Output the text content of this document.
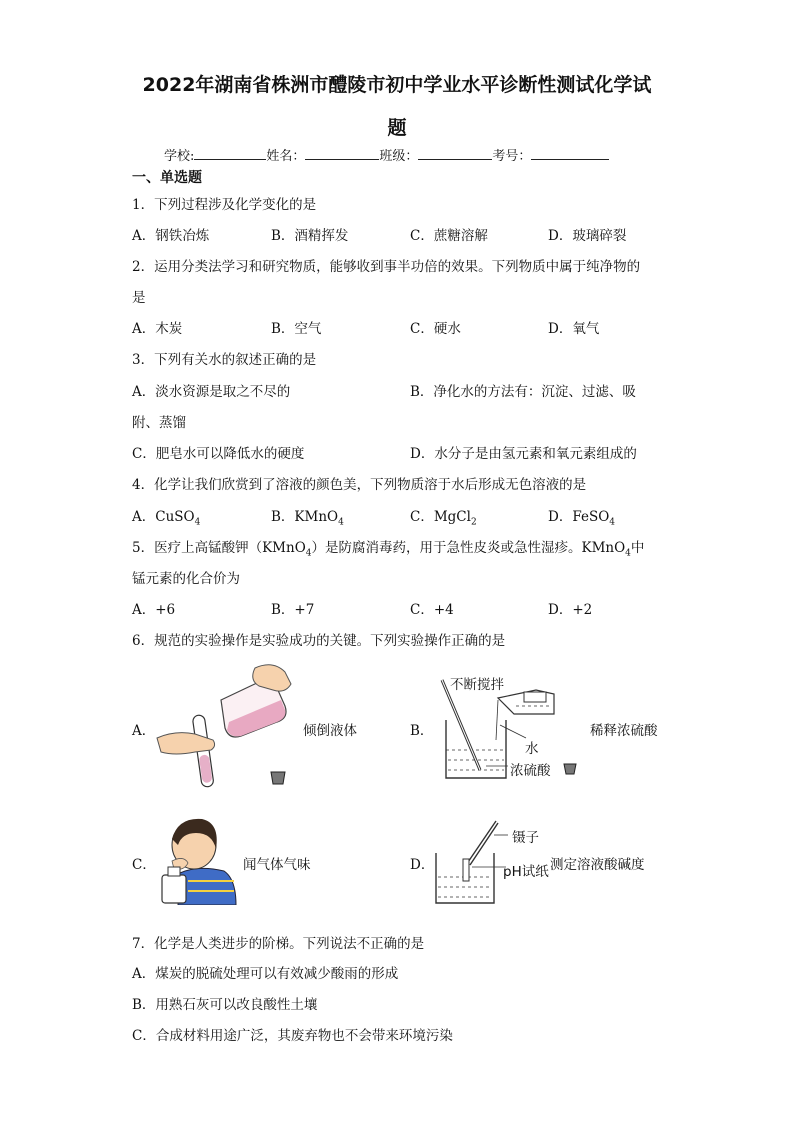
2022年湖南省株洲市醴陵市初中学业水平诊断性测试化学试
题
学校:	姓名：	班级：	考号：
一、单选题
1．下列过程涉及化学变化的是
A．钢铁冶炼	B．酒精挥发	C．蔗糖溶解	D．玻璃碎裂
2．运用分类法学习和研究物质，能够收到事半功倍的效果。下列物质中属于纯净物的
是
A．木炭	B．空气	C．硬水	D．氧气
3．下列有关水的叙述正确的是
A．淡水资源是取之不尽的	B．净化水的方法有：沉淀、过滤、吸
附、蒸馏
C．肥皂水可以降低水的硬度	D．水分子是由氢元素和氧元素组成的
4．化学让我们欣赏到了溶液的颜色美，下列物质溶于水后形成无色溶液的是
A．CuSO$_4$	B．KMnO$_4$	C．MgCl$_2$	D．FeSO$_4$
5．医疗上高锰酸钾（KMnO$_4$）是防腐消毒药，用于急性皮炎或急性湿疹。KMnO$_4$中
锰元素的化合价为
A．+6	B．+7	C．+4	D．+2
6．规范的实验操作是实验成功的关键。下列实验操作正确的是
A．	倾倒液体	B．
不断搅拌
水
浓硫酸
稀释浓硫酸
C．	闻气体气味	D．
镊子
pH试纸 测定溶液酸碱度
7．化学是人类进步的阶梯。下列说法不正确的是
A．煤炭的脱硫处理可以有效减少酸雨的形成
B．用熟石灰可以改良酸性土壤
C．合成材料用途广泛，其废弃物也不会带来环境污染
